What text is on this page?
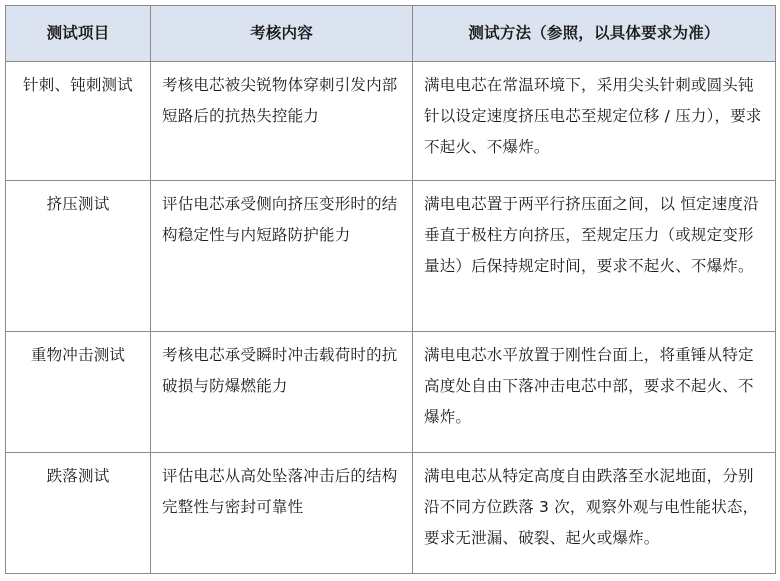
测试项目	考核内容	测试方法（参照，以具体要求为准）
针刺、钝刺测试	考核电芯被尖锐物体穿刺引发内部短路后的抗热失控能力	满电电芯在常温环境下，采用尖头针刺或圆头钝针以设定速度挤压电芯至规定位移 / 压力），要求不起火、不爆炸。
挤压测试	评估电芯承受侧向挤压变形时的结构稳定性与内短路防护能力	满电电芯置于两平行挤压面之间，以 恒定速度沿垂直于极柱方向挤压，至规定压力（或规定变形量达）后保持规定时间，要求不起火、不爆炸。
重物冲击测试	考核电芯承受瞬时冲击载荷时的抗破损与防爆燃能力	满电电芯水平放置于刚性台面上，将重锤从特定高度处自由下落冲击电芯中部，要求不起火、不爆炸。
跌落测试	评估电芯从高处坠落冲击后的结构完整性与密封可靠性	满电电芯从特定高度自由跌落至水泥地面，分别沿不同方位跌落 3 次，观察外观与电性能状态，要求无泄漏、破裂、起火或爆炸。
